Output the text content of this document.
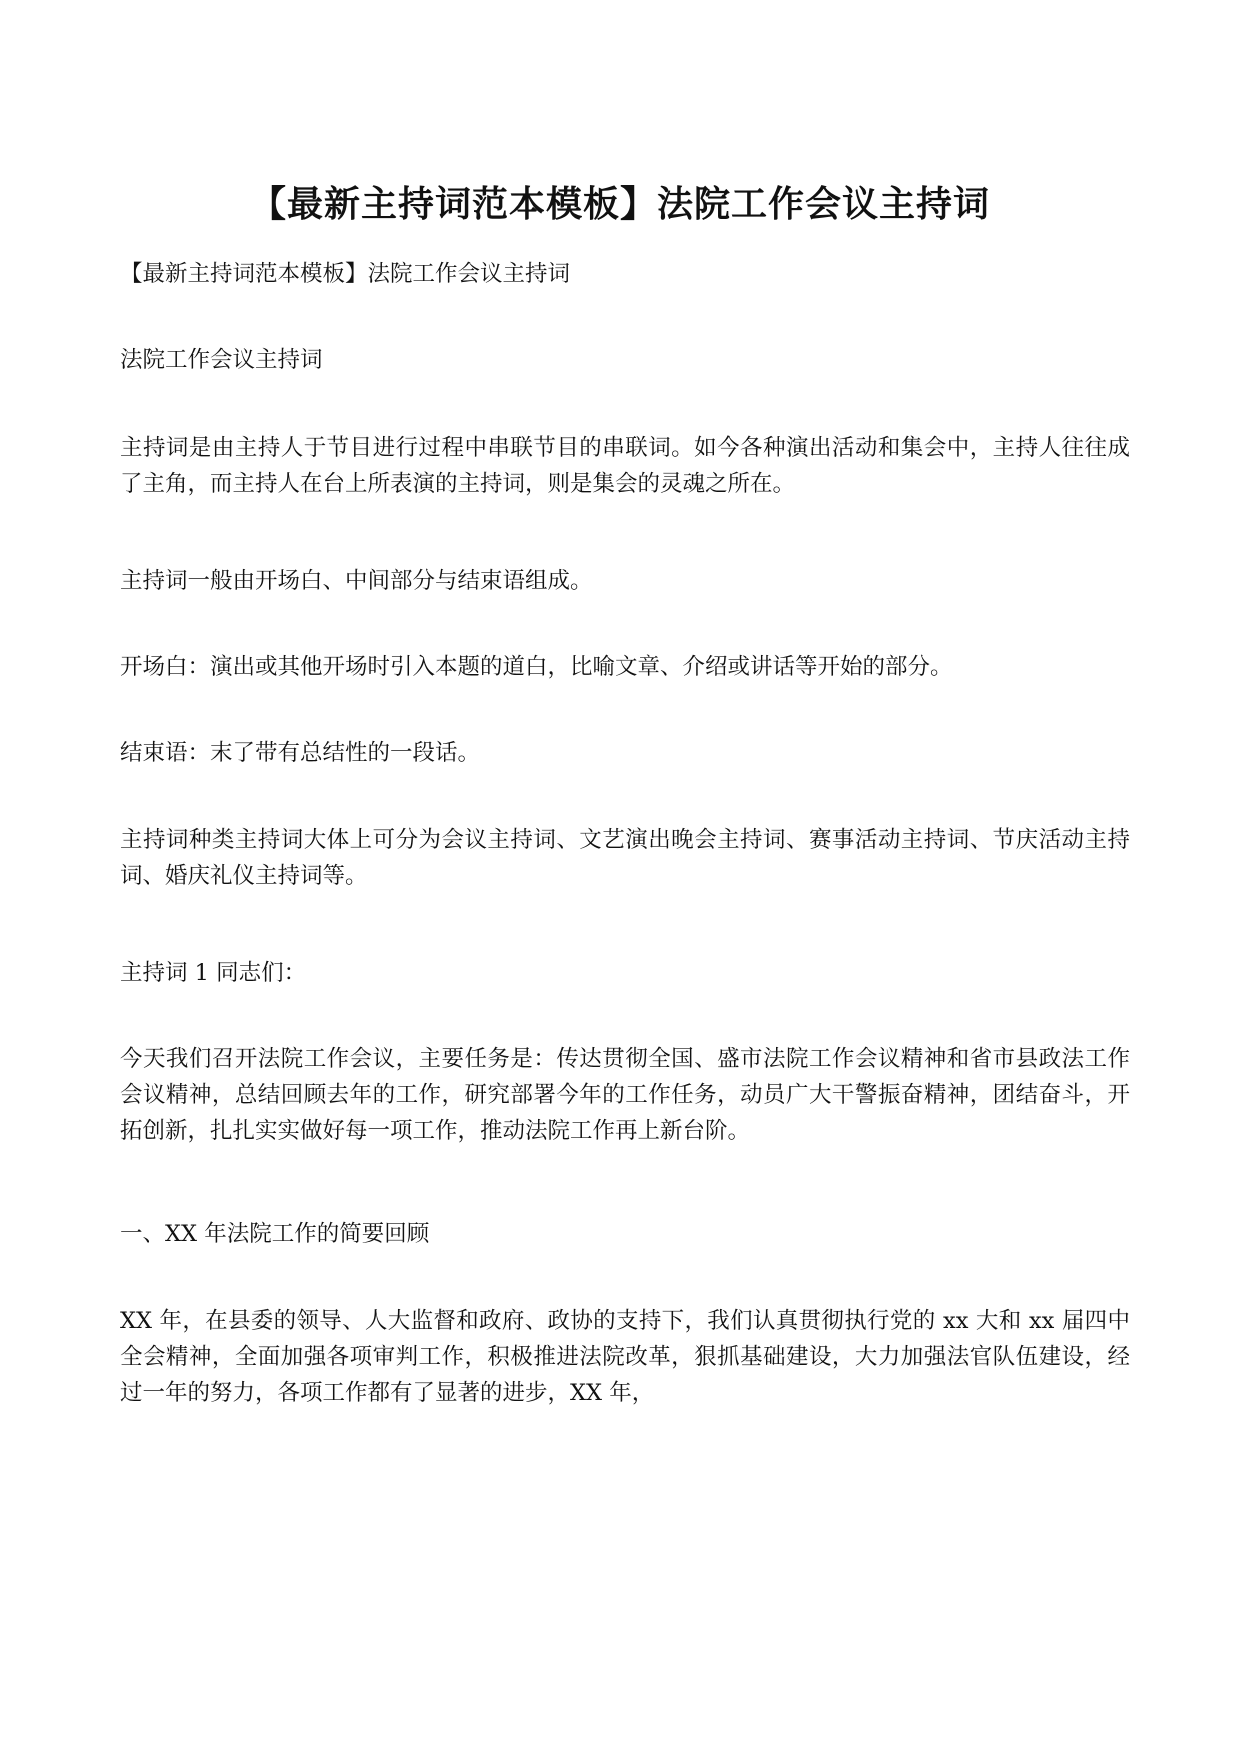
【最新主持词范本模板】法院工作会议主持词

【最新主持词范本模板】法院工作会议主持词

法院工作会议主持词

主持词是由主持人于节目进行过程中串联节目的串联词。如今各种演出活动和集会中，主持人往往成了主角，而主持人在台上所表演的主持词，则是集会的灵魂之所在。

主持词一般由开场白、中间部分与结束语组成。

开场白：演出或其他开场时引入本题的道白，比喻文章、介绍或讲话等开始的部分。

结束语：末了带有总结性的一段话。

主持词种类主持词大体上可分为会议主持词、文艺演出晚会主持词、赛事活动主持词、节庆活动主持词、婚庆礼仪主持词等。

主持词 1 同志们：

今天我们召开法院工作会议，主要任务是：传达贯彻全国、盛市法院工作会议精神和省市县政法工作会议精神，总结回顾去年的工作，研究部署今年的工作任务，动员广大干警振奋精神，团结奋斗，开拓创新，扎扎实实做好每一项工作，推动法院工作再上新台阶。

一、XX 年法院工作的简要回顾

XX 年，在县委的领导、人大监督和政府、政协的支持下，我们认真贯彻执行党的 xx 大和 xx 届四中全会精神，全面加强各项审判工作，积极推进法院改革，狠抓基础建设，大力加强法官队伍建设，经过一年的努力，各项工作都有了显著的进步，XX 年，
